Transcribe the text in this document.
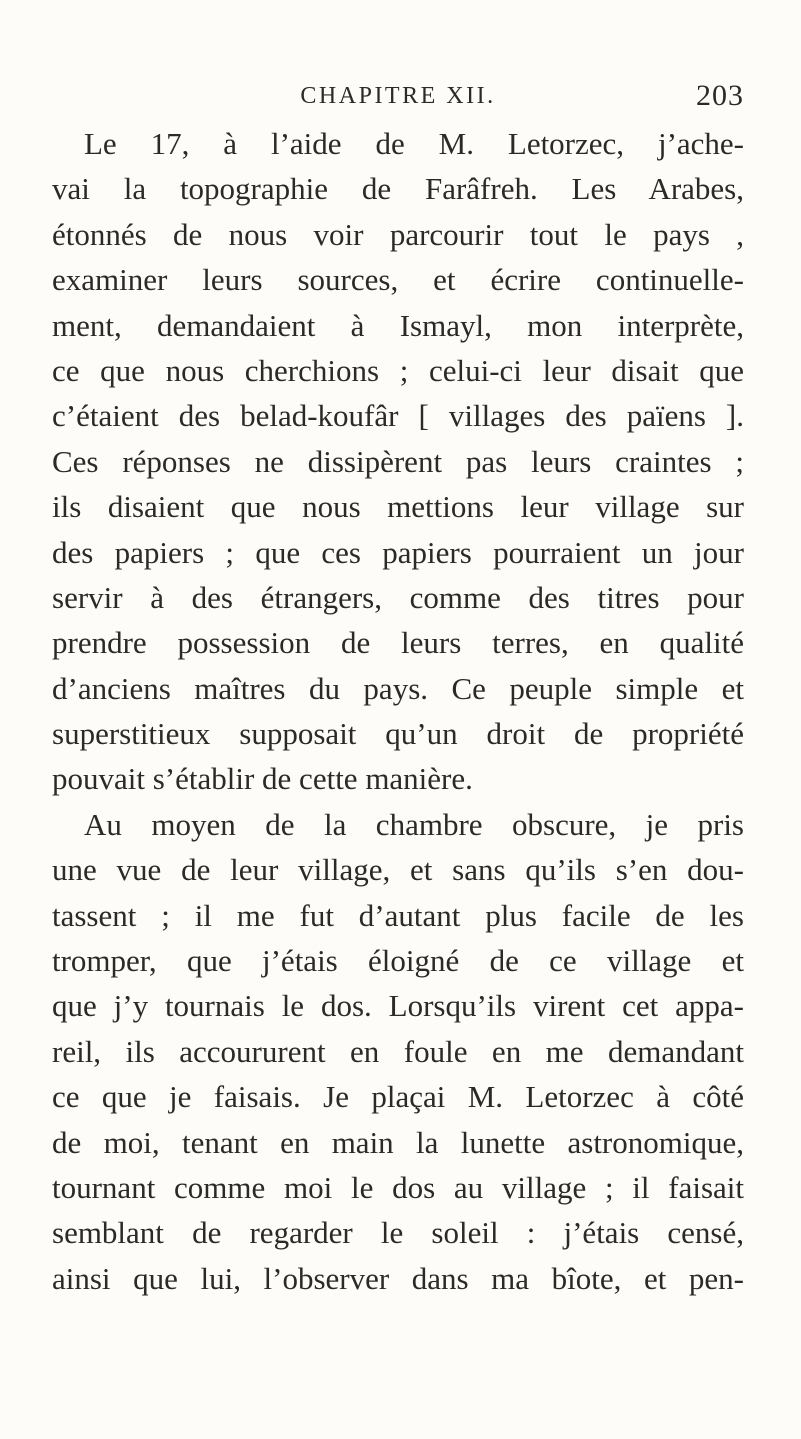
CHAPITRE XII.	203
Le 17, à l’aide de M. Letorzec, j’ache-
vai la topographie de Farâfreh. Les Arabes,
étonnés de nous voir parcourir tout le pays ,
examiner leurs sources, et écrire continuelle-
ment, demandaient à Ismayl, mon interprète,
ce que nous cherchions ; celui-ci leur disait que
c’étaient des belad-koufâr [ villages des païens ].
Ces réponses ne dissipèrent pas leurs craintes ;
ils disaient que nous mettions leur village sur
des papiers ; que ces papiers pourraient un jour
servir à des étrangers, comme des titres pour
prendre possession de leurs terres, en qualité
d’anciens maîtres du pays. Ce peuple simple et
superstitieux supposait qu’un droit de propriété
pouvait s’établir de cette manière.
Au moyen de la chambre obscure, je pris
une vue de leur village, et sans qu’ils s’en dou-
tassent ; il me fut d’autant plus facile de les
tromper, que j’étais éloigné de ce village et
que j’y tournais le dos. Lorsqu’ils virent cet appa-
reil, ils accoururent en foule en me demandant
ce que je faisais. Je plaçai M. Letorzec à côté
de moi, tenant en main la lunette astronomique,
tournant comme moi le dos au village ; il faisait
semblant de regarder le soleil : j’étais censé,
ainsi que lui, l’observer dans ma bîote, et pen-
